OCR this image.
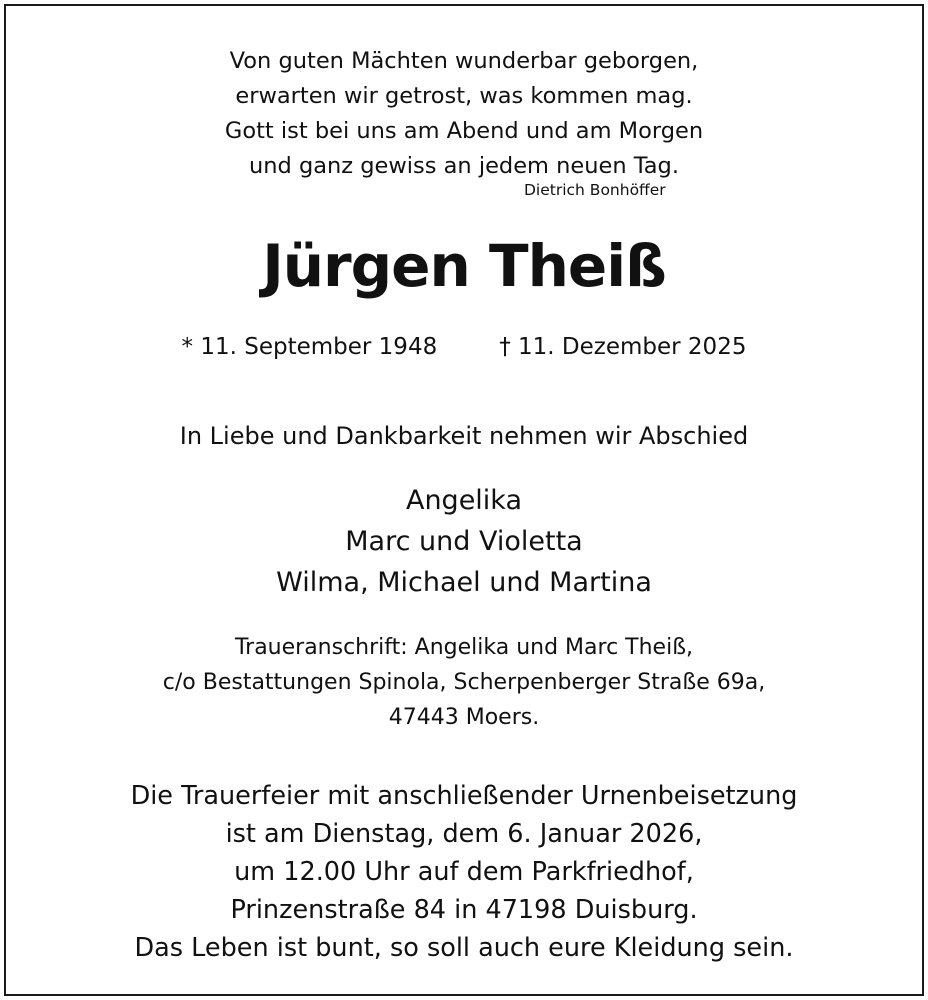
Von guten Mächten wunderbar geborgen,
erwarten wir getrost, was kommen mag.
Gott ist bei uns am Abend und am Morgen
und ganz gewiss an jedem neuen Tag.
Dietrich Bonhöffer
Jürgen Theiß
* 11. September 1948	† 11. Dezember 2025
In Liebe und Dankbarkeit nehmen wir Abschied
Angelika
Marc und Violetta
Wilma, Michael und Martina
Traueranschrift: Angelika und Marc Theiß,
c/o Bestattungen Spinola, Scherpenberger Straße 69a,
47443 Moers.
Die Trauerfeier mit anschließender Urnenbeisetzung
ist am Dienstag, dem 6. Januar 2026,
um 12.00 Uhr auf dem Parkfriedhof,
Prinzenstraße 84 in 47198 Duisburg.
Das Leben ist bunt, so soll auch eure Kleidung sein.
